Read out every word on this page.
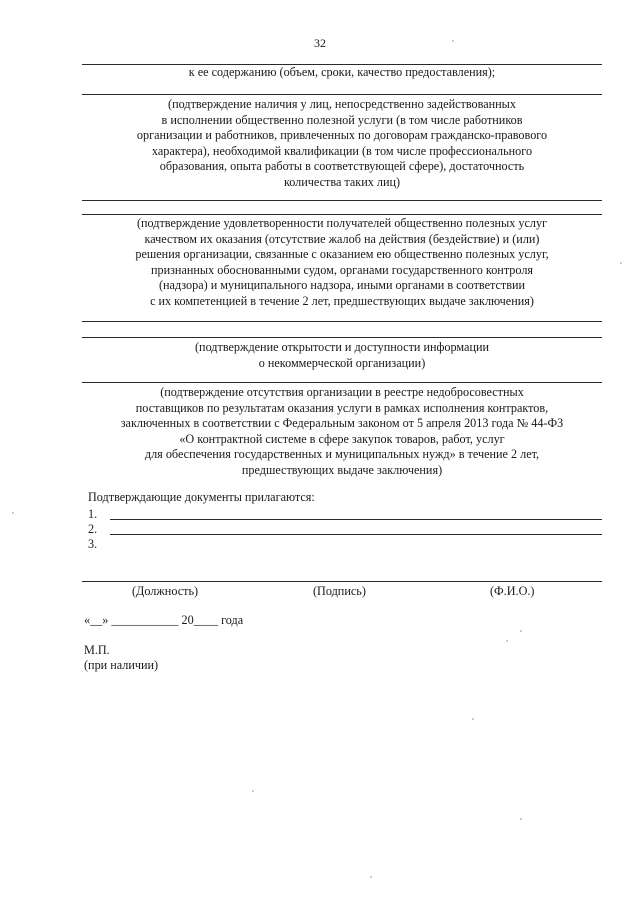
32
к ее содержанию (объем, сроки, качество предоставления);
(подтверждение наличия у лиц, непосредственно задействованных
в исполнении общественно полезной услуги (в том числе работников
организации и работников, привлеченных по договорам гражданско-правового
характера), необходимой квалификации (в том числе профессионального
образования, опыта работы в соответствующей сфере), достаточность
количества таких лиц)
(подтверждение удовлетворенности получателей общественно полезных услуг
качеством их оказания (отсутствие жалоб на действия (бездействие) и (или)
решения организации, связанные с оказанием ею общественно полезных услуг,
признанных обоснованными судом, органами государственного контроля
(надзора) и муниципального надзора, иными органами в соответствии
с их компетенцией в течение 2 лет, предшествующих выдаче заключения)
(подтверждение открытости и доступности информации
о некоммерческой организации)
(подтверждение отсутствия организации в реестре недобросовестных
поставщиков по результатам оказания услуги в рамках исполнения контрактов,
заключенных в соответствии с Федеральным законом от 5 апреля 2013 года № 44-ФЗ
«О контрактной системе в сфере закупок товаров, работ, услуг
для обеспечения государственных и муниципальных нужд» в течение 2 лет,
предшествующих выдаче заключения)
Подтверждающие документы прилагаются:
1.
2.
3.
(Должность)	(Подпись)	(Ф.И.О.)
«__» ___________ 20____ года
М.П.
(при наличии)
